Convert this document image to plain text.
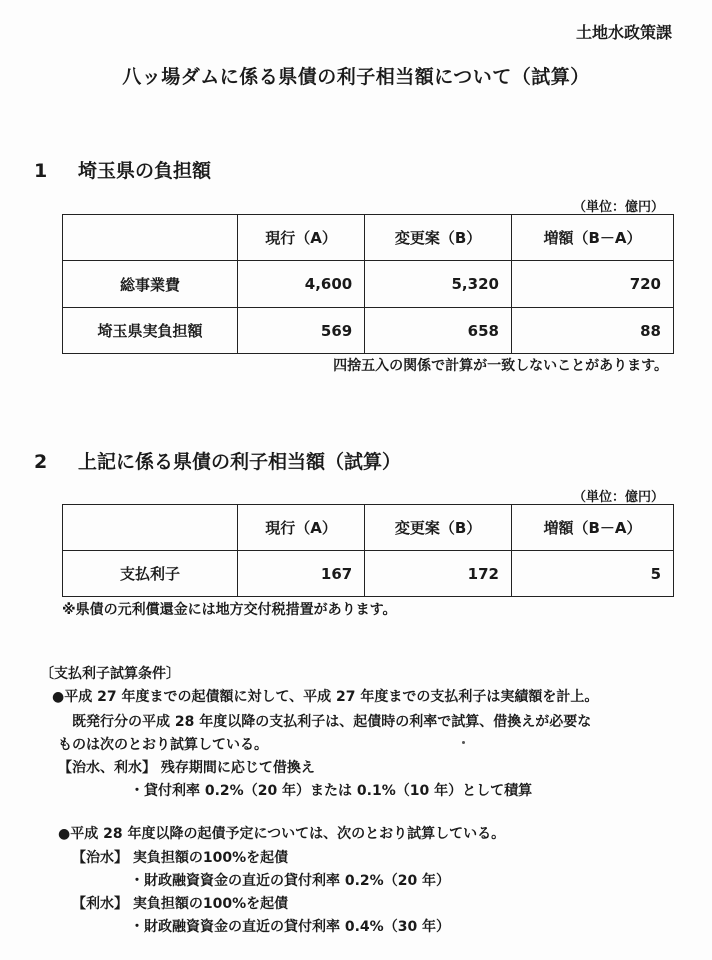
土地水政策課
八ッ場ダムに係る県債の利子相当額について（試算）
1 埼玉県の負担額
（単位：億円）
	現行（A）	変更案（B）	増額（B－A）
総事業費	4,600	5,320	720
埼玉県実負担額	569	658	88
四捨五入の関係で計算が一致しないことがあります。
2 上記に係る県債の利子相当額（試算）
（単位：億円）
	現行（A）	変更案（B）	増額（B－A）
支払利子	167	172	5
※県債の元利償還金には地方交付税措置があります。
〔支払利子試算条件〕
●平成 27 年度までの起債額に対して、平成 27 年度までの支払利子は実績額を計上。
既発行分の平成 28 年度以降の支払利子は、起債時の利率で試算、借換えが必要な
ものは次のとおり試算している。
【治水、利水】 残存期間に応じて借換え
・貸付利率 0.2%（20 年）または 0.1%（10 年）として積算
●平成 28 年度以降の起債予定については、次のとおり試算している。
【治水】 実負担額の100%を起債
・財政融資資金の直近の貸付利率 0.2%（20 年）
【利水】 実負担額の100%を起債
・財政融資資金の直近の貸付利率 0.4%（30 年）
